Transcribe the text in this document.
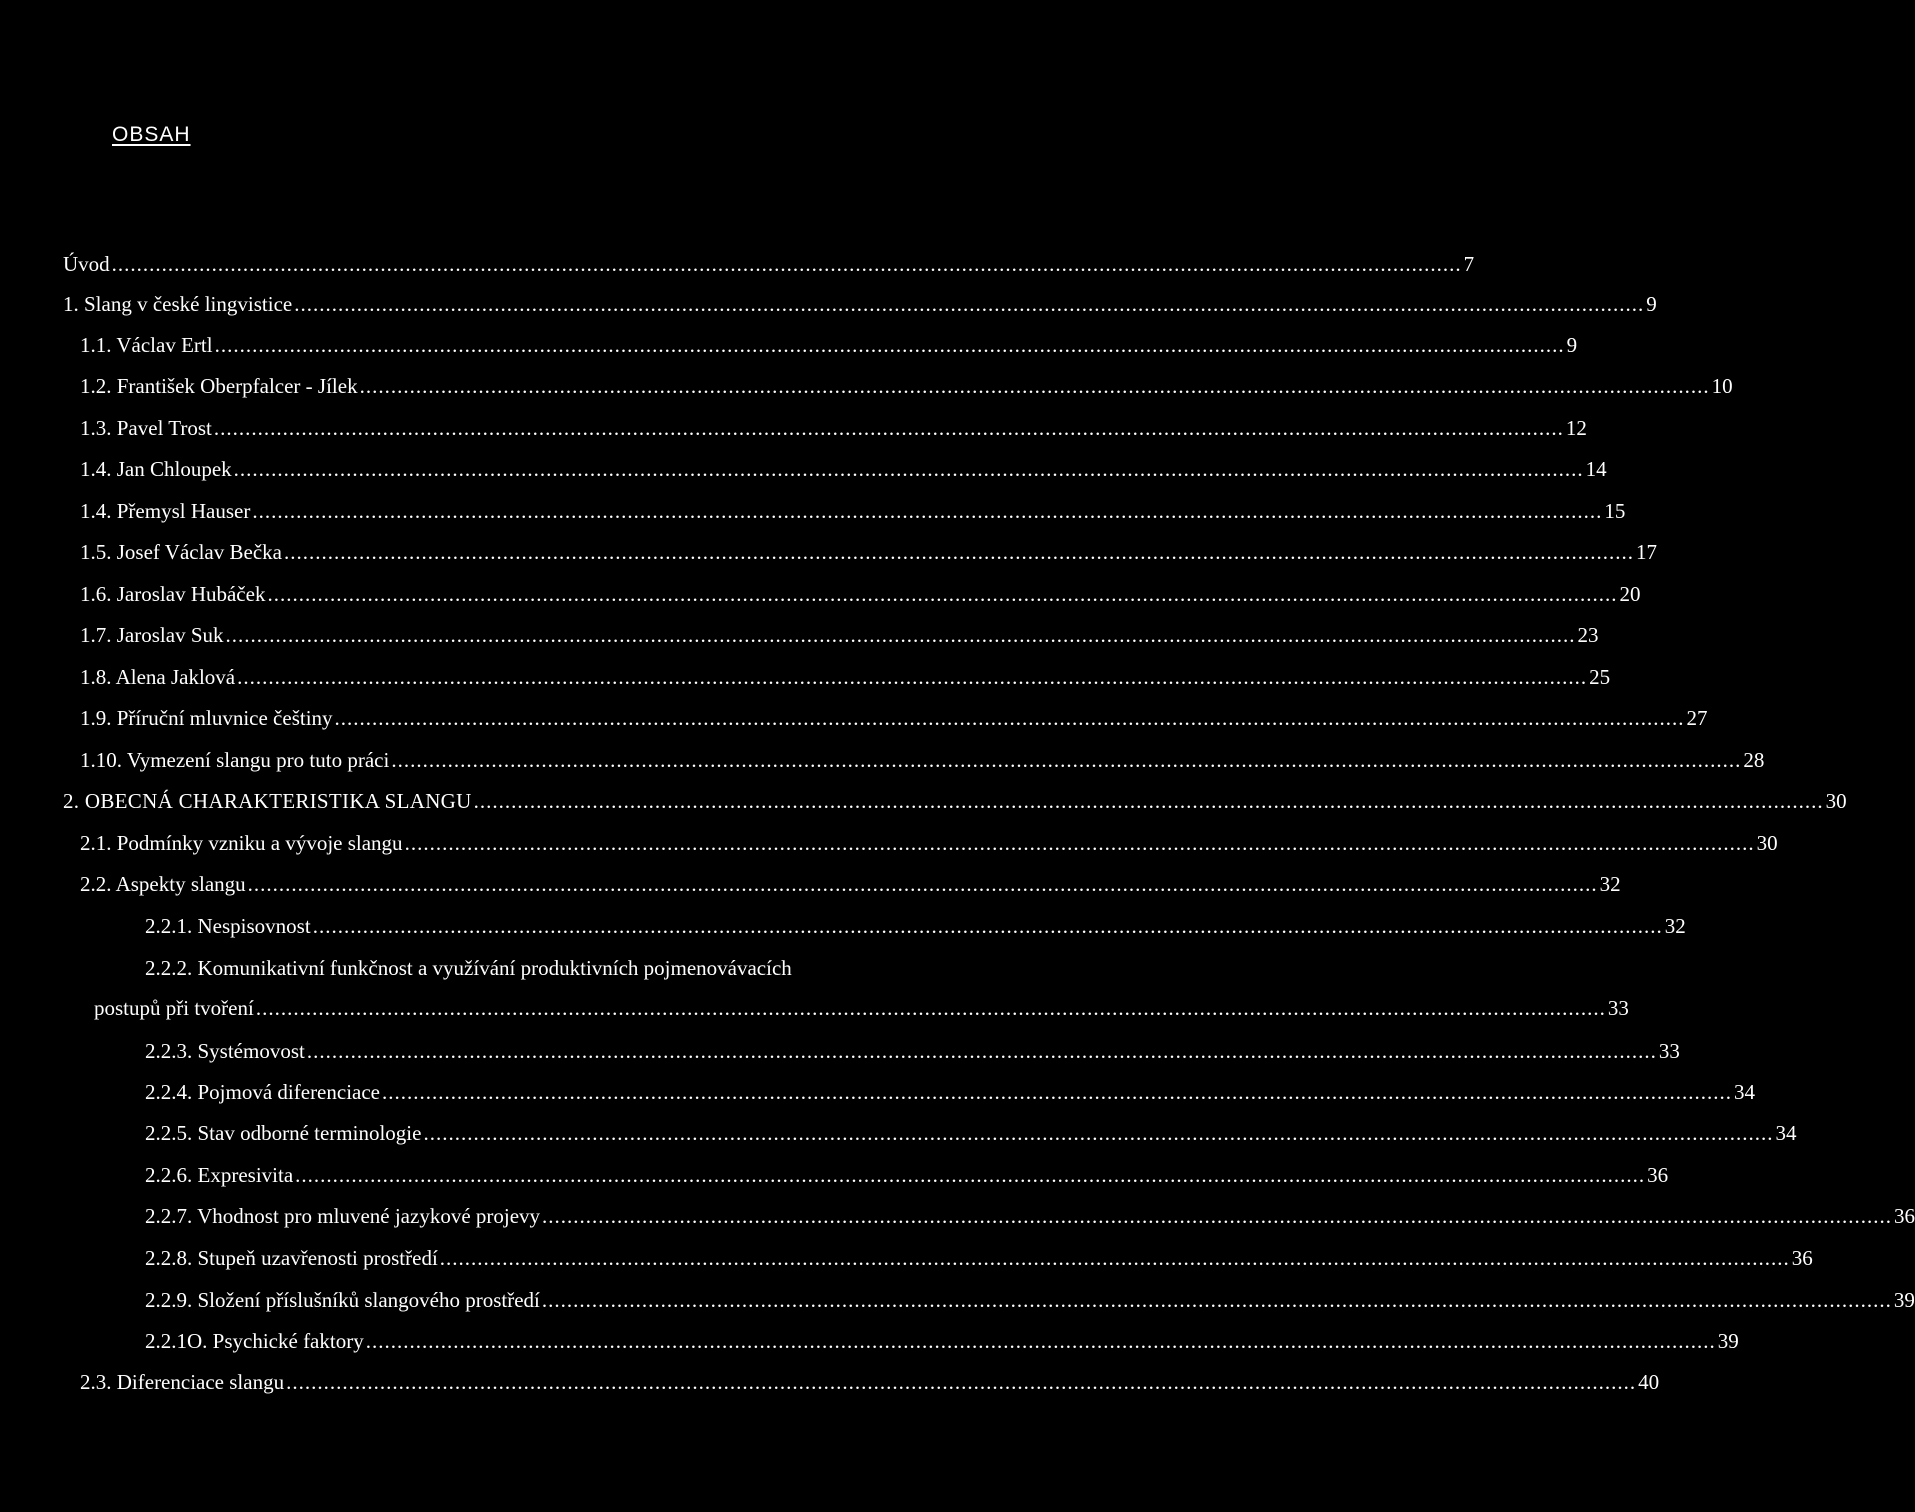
OBSAH
Úvod ........................................................................................................................................................................................................................ 7
1. Slang v české lingvistice ........................................................................................................................................................................................................................ 9
1.1. Václav Ertl ........................................................................................................................................................................................................................ 9
1.2. František Oberpfalcer - Jílek ........................................................................................................................................................................................................................ 10
1.3. Pavel Trost ........................................................................................................................................................................................................................ 12
1.4. Jan Chloupek ........................................................................................................................................................................................................................ 14
1.4. Přemysl Hauser ........................................................................................................................................................................................................................ 15
1.5. Josef Václav Bečka ........................................................................................................................................................................................................................ 17
1.6. Jaroslav Hubáček ........................................................................................................................................................................................................................ 20
1.7. Jaroslav Suk ........................................................................................................................................................................................................................ 23
1.8. Alena Jaklová ........................................................................................................................................................................................................................ 25
1.9. Příruční mluvnice češtiny ........................................................................................................................................................................................................................ 27
1.10. Vymezení slangu pro tuto práci ........................................................................................................................................................................................................................ 28
2. OBECNÁ CHARAKTERISTIKA SLANGU ........................................................................................................................................................................................................................ 30
2.1. Podmínky vzniku a vývoje slangu ........................................................................................................................................................................................................................ 30
2.2. Aspekty slangu ........................................................................................................................................................................................................................ 32
2.2.1. Nespisovnost ........................................................................................................................................................................................................................ 32
2.2.2. Komunikativní funkčnost a využívání produktivních pojmenovávacích
postupů při tvoření ........................................................................................................................................................................................................................ 33
2.2.3. Systémovost ........................................................................................................................................................................................................................ 33
2.2.4. Pojmová diferenciace ........................................................................................................................................................................................................................ 34
2.2.5. Stav odborné terminologie ........................................................................................................................................................................................................................ 34
2.2.6. Expresivita ........................................................................................................................................................................................................................ 36
2.2.7. Vhodnost pro mluvené jazykové projevy ........................................................................................................................................................................................................................ 36
2.2.8. Stupeň uzavřenosti prostředí ........................................................................................................................................................................................................................ 36
2.2.9. Složení příslušníků slangového prostředí ........................................................................................................................................................................................................................ 39
2.2.1O. Psychické faktory ........................................................................................................................................................................................................................ 39
2.3. Diferenciace slangu ........................................................................................................................................................................................................................ 40
